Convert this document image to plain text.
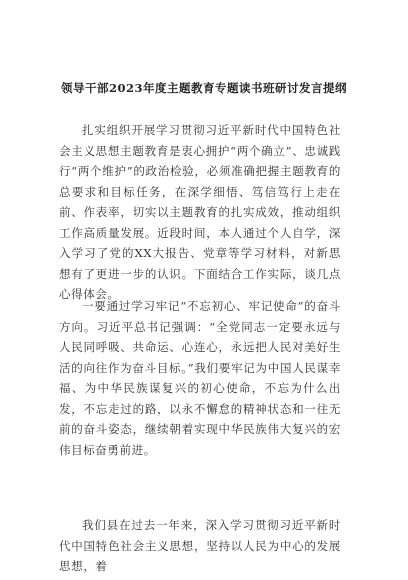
领导干部2023年度主题教育专题读书班研讨发言提纲

扎实组织开展学习贯彻习近平新时代中国特色社会主义思想主题教育是衷心拥护“两个确立”、忠诚践行“两个维护”的政治检验，必须准确把握主题教育的总要求和目标任务，在深学细悟、笃信笃行上走在前、作表率，切实以主题教育的扎实成效，推动组织工作高质量发展。近段时间，本人通过个人自学，深入学习了党的XX大报告、党章等学习材料，对新思想有了更进一步的认识。下面结合工作实际，谈几点心得体会。

一要通过学习牢记“不忘初心、牢记使命”的奋斗方向。习近平总书记强调：“全党同志一定要永远与人民同呼吸、共命运、心连心，永远把人民对美好生活的向往作为奋斗目标。”我们要牢记为中国人民谋幸福、为中华民族谋复兴的初心使命，不忘为什么出发，不忘走过的路，以永不懈怠的精神状态和一往无前的奋斗姿态，继续朝着实现中华民族伟大复兴的宏伟目标奋勇前进。

我们县在过去一年来，深入学习贯彻习近平新时代中国特色社会主义思想，坚持以人民为中心的发展思想，着
